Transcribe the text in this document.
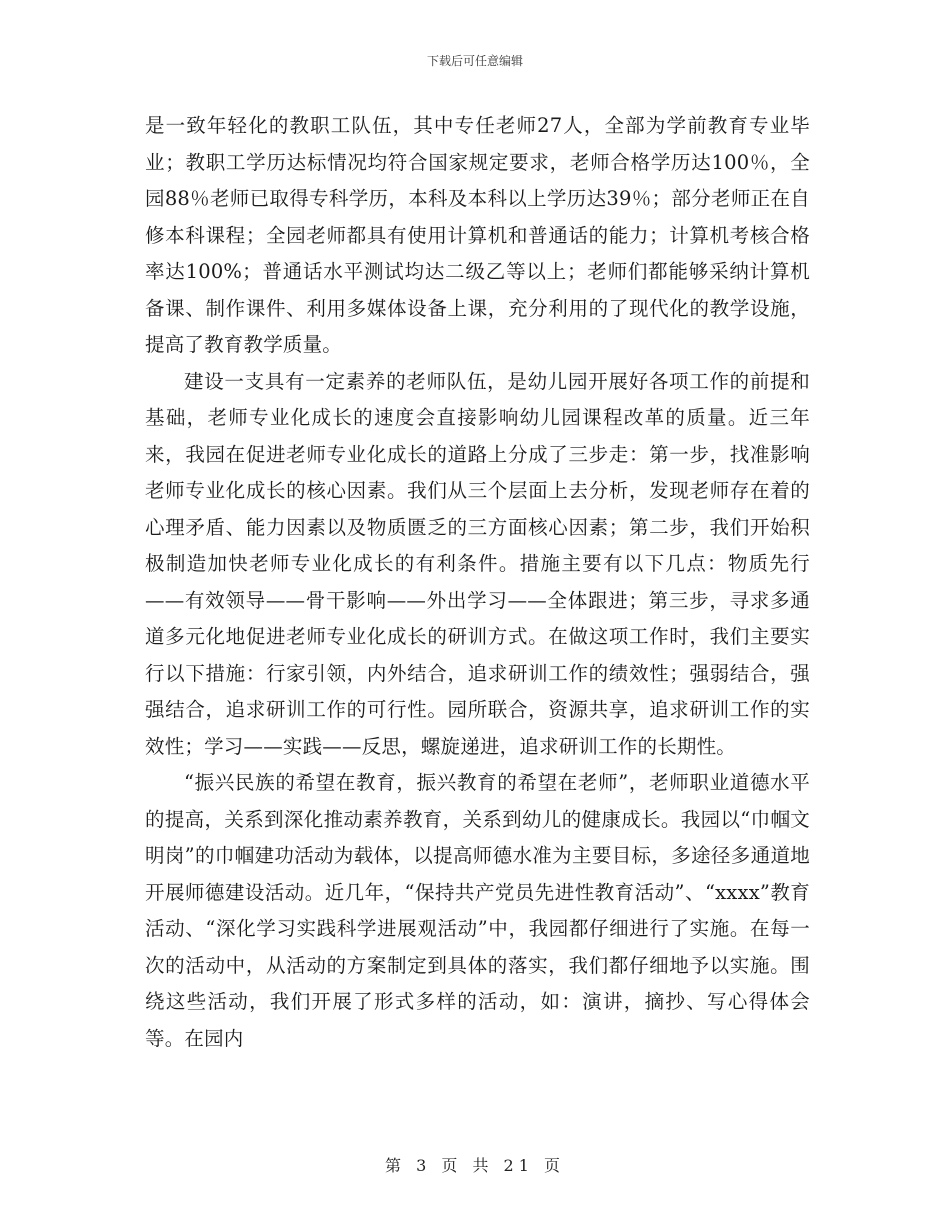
下载后可任意编辑

是一致年轻化的教职工队伍，其中专任老师27人，全部为学前教育专业毕业；教职工学历达标情况均符合国家规定要求，老师合格学历达100％，全园88％老师已取得专科学历，本科及本科以上学历达39％；部分老师正在自修本科课程；全园老师都具有使用计算机和普通话的能力；计算机考核合格率达100%；普通话水平测试均达二级乙等以上；老师们都能够采纳计算机备课、制作课件、利用多媒体设备上课，充分利用的了现代化的教学设施，提高了教育教学质量。

建设一支具有一定素养的老师队伍，是幼儿园开展好各项工作的前提和基础，老师专业化成长的速度会直接影响幼儿园课程改革的质量。近三年来，我园在促进老师专业化成长的道路上分成了三步走：第一步，找准影响老师专业化成长的核心因素。我们从三个层面上去分析，发现老师存在着的心理矛盾、能力因素以及物质匮乏的三方面核心因素；第二步，我们开始积极制造加快老师专业化成长的有利条件。措施主要有以下几点：物质先行——有效领导——骨干影响——外出学习——全体跟进；第三步，寻求多通道多元化地促进老师专业化成长的研训方式。在做这项工作时，我们主要实行以下措施：行家引领，内外结合，追求研训工作的绩效性；强弱结合，强强结合，追求研训工作的可行性。园所联合，资源共享，追求研训工作的实效性；学习——实践——反思，螺旋递进，追求研训工作的长期性。

“振兴民族的希望在教育，振兴教育的希望在老师”，老师职业道德水平的提高，关系到深化推动素养教育，关系到幼儿的健康成长。我园以“巾帼文明岗”的巾帼建功活动为载体，以提高师德水准为主要目标，多途径多通道地开展师德建设活动。近几年，“保持共产党员先进性教育活动”、“xxxx”教育活动、“深化学习实践科学进展观活动”中，我园都仔细进行了实施。在每一次的活动中，从活动的方案制定到具体的落实，我们都仔细地予以实施。围绕这些活动，我们开展了形式多样的活动，如：演讲，摘抄、写心得体会等。在园内

第 3 页 共 21 页
